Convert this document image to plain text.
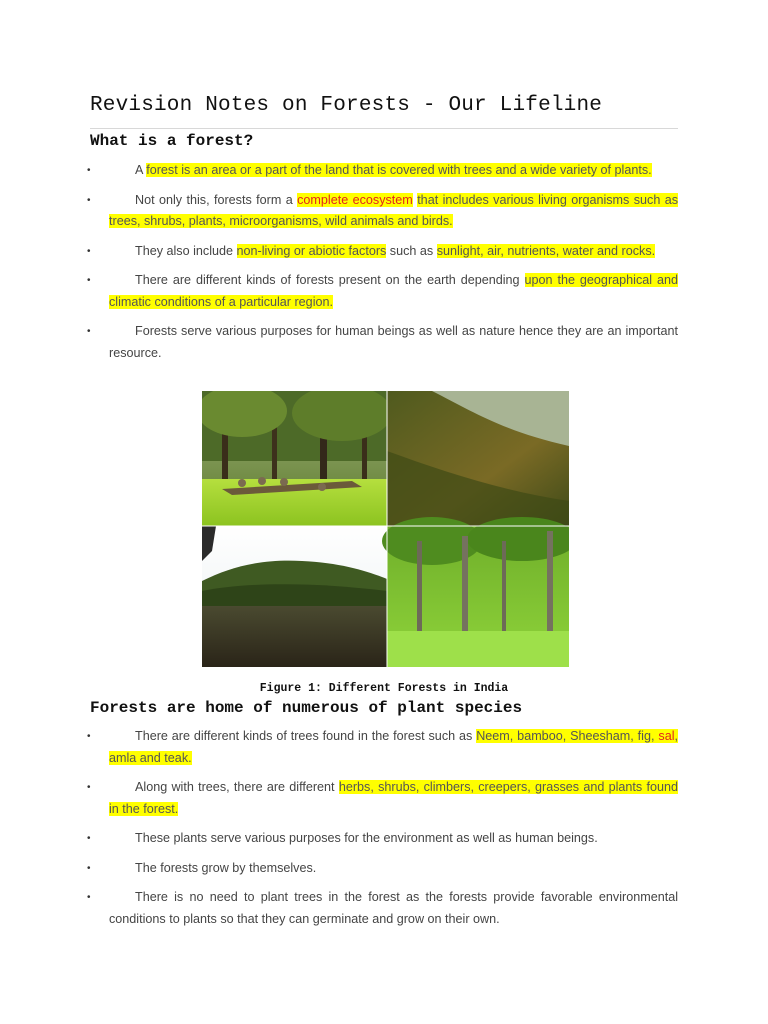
Revision Notes on Forests - Our Lifeline
What is a forest?
•	A forest is an area or a part of the land that is covered with trees and a wide variety of plants.
•	Not only this, forests form a complete ecosystem that includes various living organisms such as trees, shrubs, plants, microorganisms, wild animals and birds.
•	They also include non-living or abiotic factors such as sunlight, air, nutrients, water and rocks.
•	There are different kinds of forests present on the earth depending upon the geographical and climatic conditions of a particular region.
•	Forests serve various purposes for human beings as well as nature hence they are an important resource.

Figure 1: Different Forests in India

Forests are home of numerous of plant species
•	There are different kinds of trees found in the forest such as Neem, bamboo, Sheesham, fig, sal, amla and teak.
•	Along with trees, there are different herbs, shrubs, climbers, creepers, grasses and plants found in the forest.
•	These plants serve various purposes for the environment as well as human beings.
•	The forests grow by themselves.
•	There is no need to plant trees in the forest as the forests provide favorable environmental conditions to plants so that they can germinate and grow on their own.
